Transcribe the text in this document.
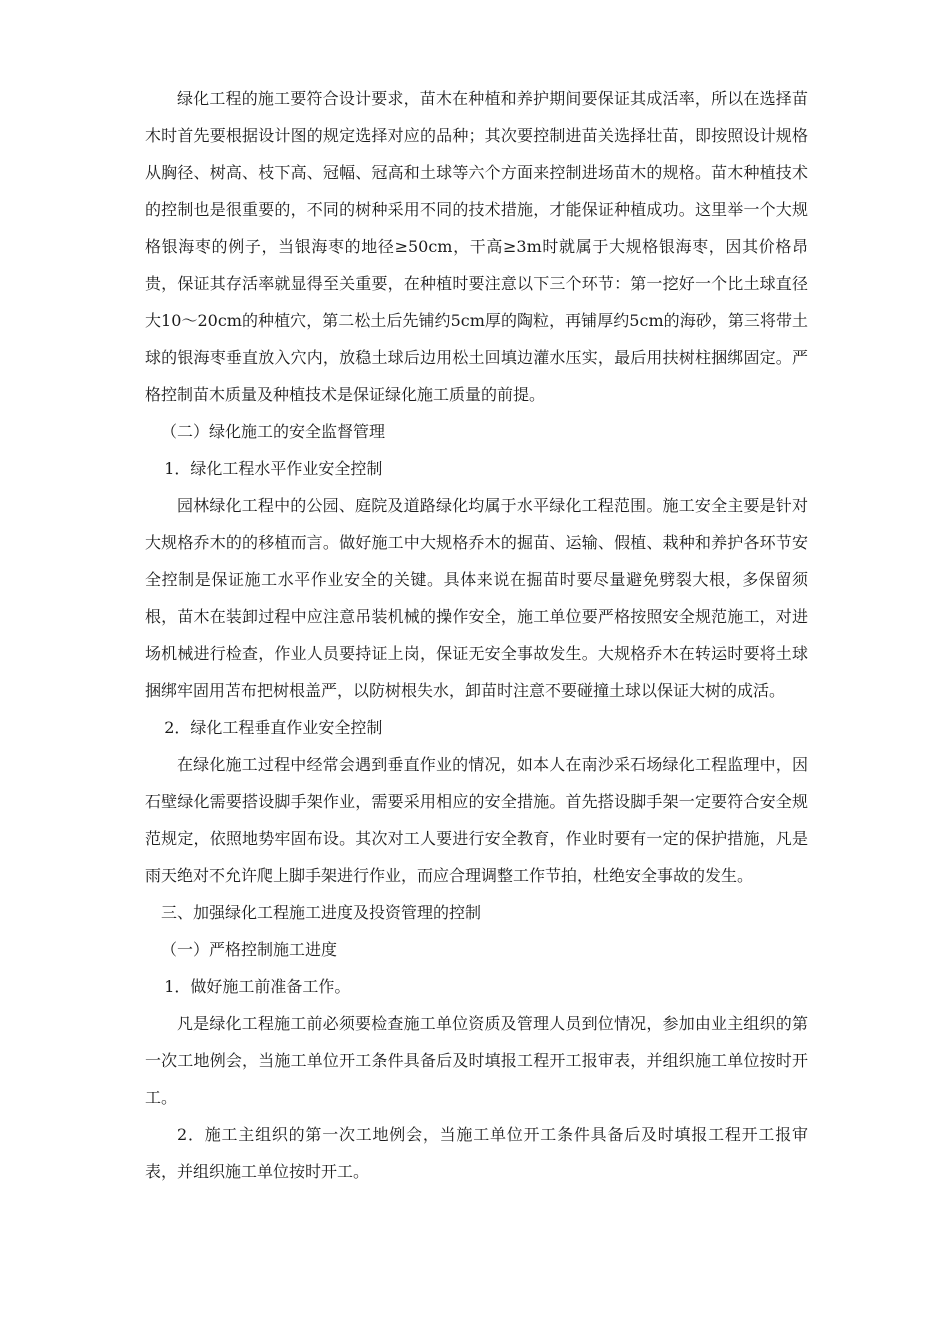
绿化工程的施工要符合设计要求，苗木在种植和养护期间要保证其成活率，所以在选择苗木时首先要根据设计图的规定选择对应的品种；其次要控制进苗关选择壮苗，即按照设计规格从胸径、树高、枝下高、冠幅、冠高和土球等六个方面来控制进场苗木的规格。苗木种植技术的控制也是很重要的，不同的树种采用不同的技术措施，才能保证种植成功。这里举一个大规格银海枣的例子，当银海枣的地径≥50cm，干高≥3m时就属于大规格银海枣，因其价格昂贵，保证其存活率就显得至关重要，在种植时要注意以下三个环节：第一挖好一个比土球直径大10～20cm的种植穴，第二松土后先铺约5cm厚的陶粒，再铺厚约5cm的海砂，第三将带土球的银海枣垂直放入穴内，放稳土球后边用松土回填边灌水压实，最后用扶树柱捆绑固定。严格控制苗木质量及种植技术是保证绿化施工质量的前提。

（二）绿化施工的安全监督管理

1．绿化工程水平作业安全控制

园林绿化工程中的公园、庭院及道路绿化均属于水平绿化工程范围。施工安全主要是针对大规格乔木的的移植而言。做好施工中大规格乔木的掘苗、运输、假植、栽种和养护各环节安全控制是保证施工水平作业安全的关键。具体来说在掘苗时要尽量避免劈裂大根，多保留须根，苗木在装卸过程中应注意吊装机械的操作安全，施工单位要严格按照安全规范施工，对进场机械进行检查，作业人员要持证上岗，保证无安全事故发生。大规格乔木在转运时要将土球捆绑牢固用苫布把树根盖严，以防树根失水，卸苗时注意不要碰撞土球以保证大树的成活。

2．绿化工程垂直作业安全控制

在绿化施工过程中经常会遇到垂直作业的情况，如本人在南沙采石场绿化工程监理中，因石壁绿化需要搭设脚手架作业，需要采用相应的安全措施。首先搭设脚手架一定要符合安全规范规定，依照地势牢固布设。其次对工人要进行安全教育，作业时要有一定的保护措施，凡是雨天绝对不允许爬上脚手架进行作业，而应合理调整工作节拍，杜绝安全事故的发生。

三、加强绿化工程施工进度及投资管理的控制

（一）严格控制施工进度

1．做好施工前准备工作。

凡是绿化工程施工前必须要检查施工单位资质及管理人员到位情况，参加由业主组织的第一次工地例会，当施工单位开工条件具备后及时填报工程开工报审表，并组织施工单位按时开工。

2．施工主组织的第一次工地例会，当施工单位开工条件具备后及时填报工程开工报审表，并组织施工单位按时开工。
